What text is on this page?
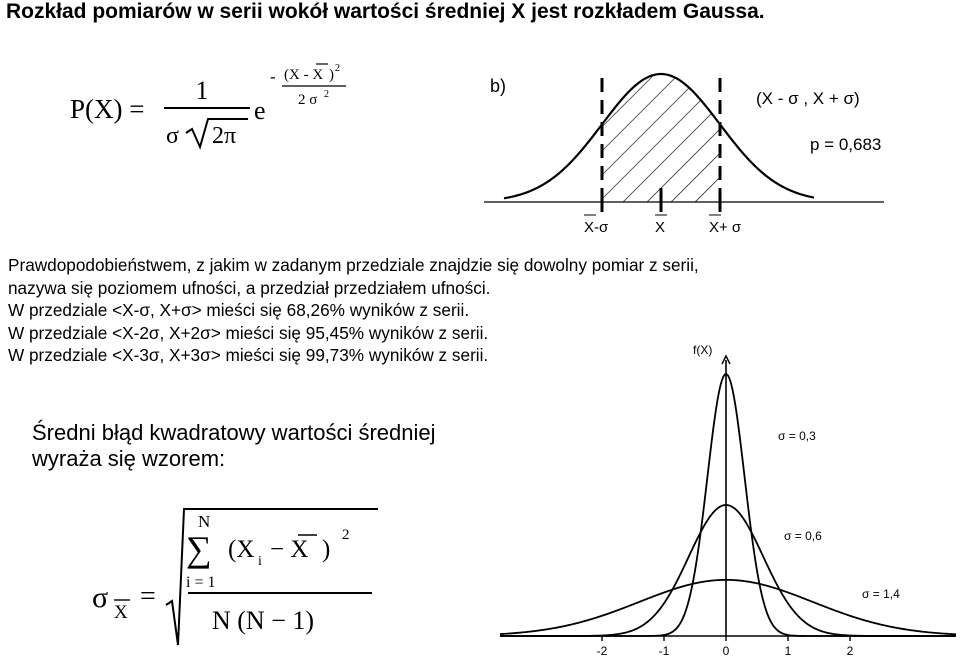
Rozkład pomiarów w serii wokół wartości średniej X jest rozkładem Gaussa.
P(X) =
1
σ 2π
e
- (X - X ) 2
2 σ 2	b)
(X - σ , X + σ)
p = 0,683
X-σ	X	X+ σ
Prawdopodobieństwem, z jakim w zadanym przedziale znajdzie się dowolny pomiar z serii,
nazywa się poziomem ufności, a przedział przedziałem ufności.
W przedziale <X-σ, X+σ> mieści się 68,26% wyników z serii.
W przedziale <X-2σ, X+2σ> mieści się 95,45% wyników z serii.
W przedziale <X-3σ, X+3σ> mieści się 99,73% wyników z serii.
Średni błąd kwadratowy wartości średniej
wyraża się wzorem:
σ X
=
N
∑
i = 1
(X i − X )
2
N (N − 1)
f(X)
-2	-1	0	1	2
σ = 0,3
σ = 0,6
σ = 1,4
